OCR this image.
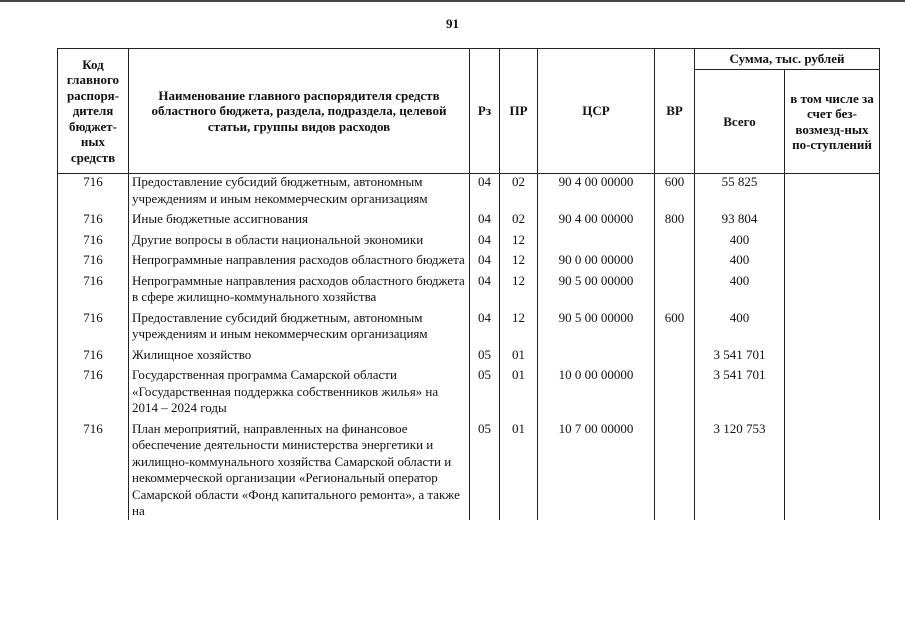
91
Код главного распоря-дителя бюджет-ных средств	Наименование главного распорядителя средств областного бюджета, раздела, подраздела, целевой статьи, группы видов расходов	Рз	ПР	ЦСР	ВР	Сумма, тыс. рублей	
						Всего	в том числе за счет без-возмезд-ных по-ступлений
716	Предоставление субсидий бюджетным, автономным учреждениям и иным некоммерческим организациям	04	02	90 4 00 00000	600	55 825	
716	Иные бюджетные ассигнования	04	02	90 4 00 00000	800	93 804	
716	Другие вопросы в области национальной экономики	04	12			400	
716	Непрограммные направления расходов областного бюджета	04	12	90 0 00 00000		400	
716	Непрограммные направления расходов областного бюджета в сфере жилищно-коммунального хозяйства	04	12	90 5 00 00000		400	
716	Предоставление субсидий бюджетным, автономным учреждениям и иным некоммерческим организациям	04	12	90 5 00 00000	600	400	
716	Жилищное хозяйство	05	01			3 541 701	
716	Государственная программа Самарской области «Государственная поддержка собственников жилья» на 2014 – 2024 годы	05	01	10 0 00 00000		3 541 701	
716	План мероприятий, направленных на финансовое обеспечение деятельности министерства энергетики и жилищно-коммунального хозяйства Самарской области и некоммерческой организации «Региональный оператор Самарской области «Фонд капитального ремонта», а также на	05	01	10 7 00 00000		3 120 753	
